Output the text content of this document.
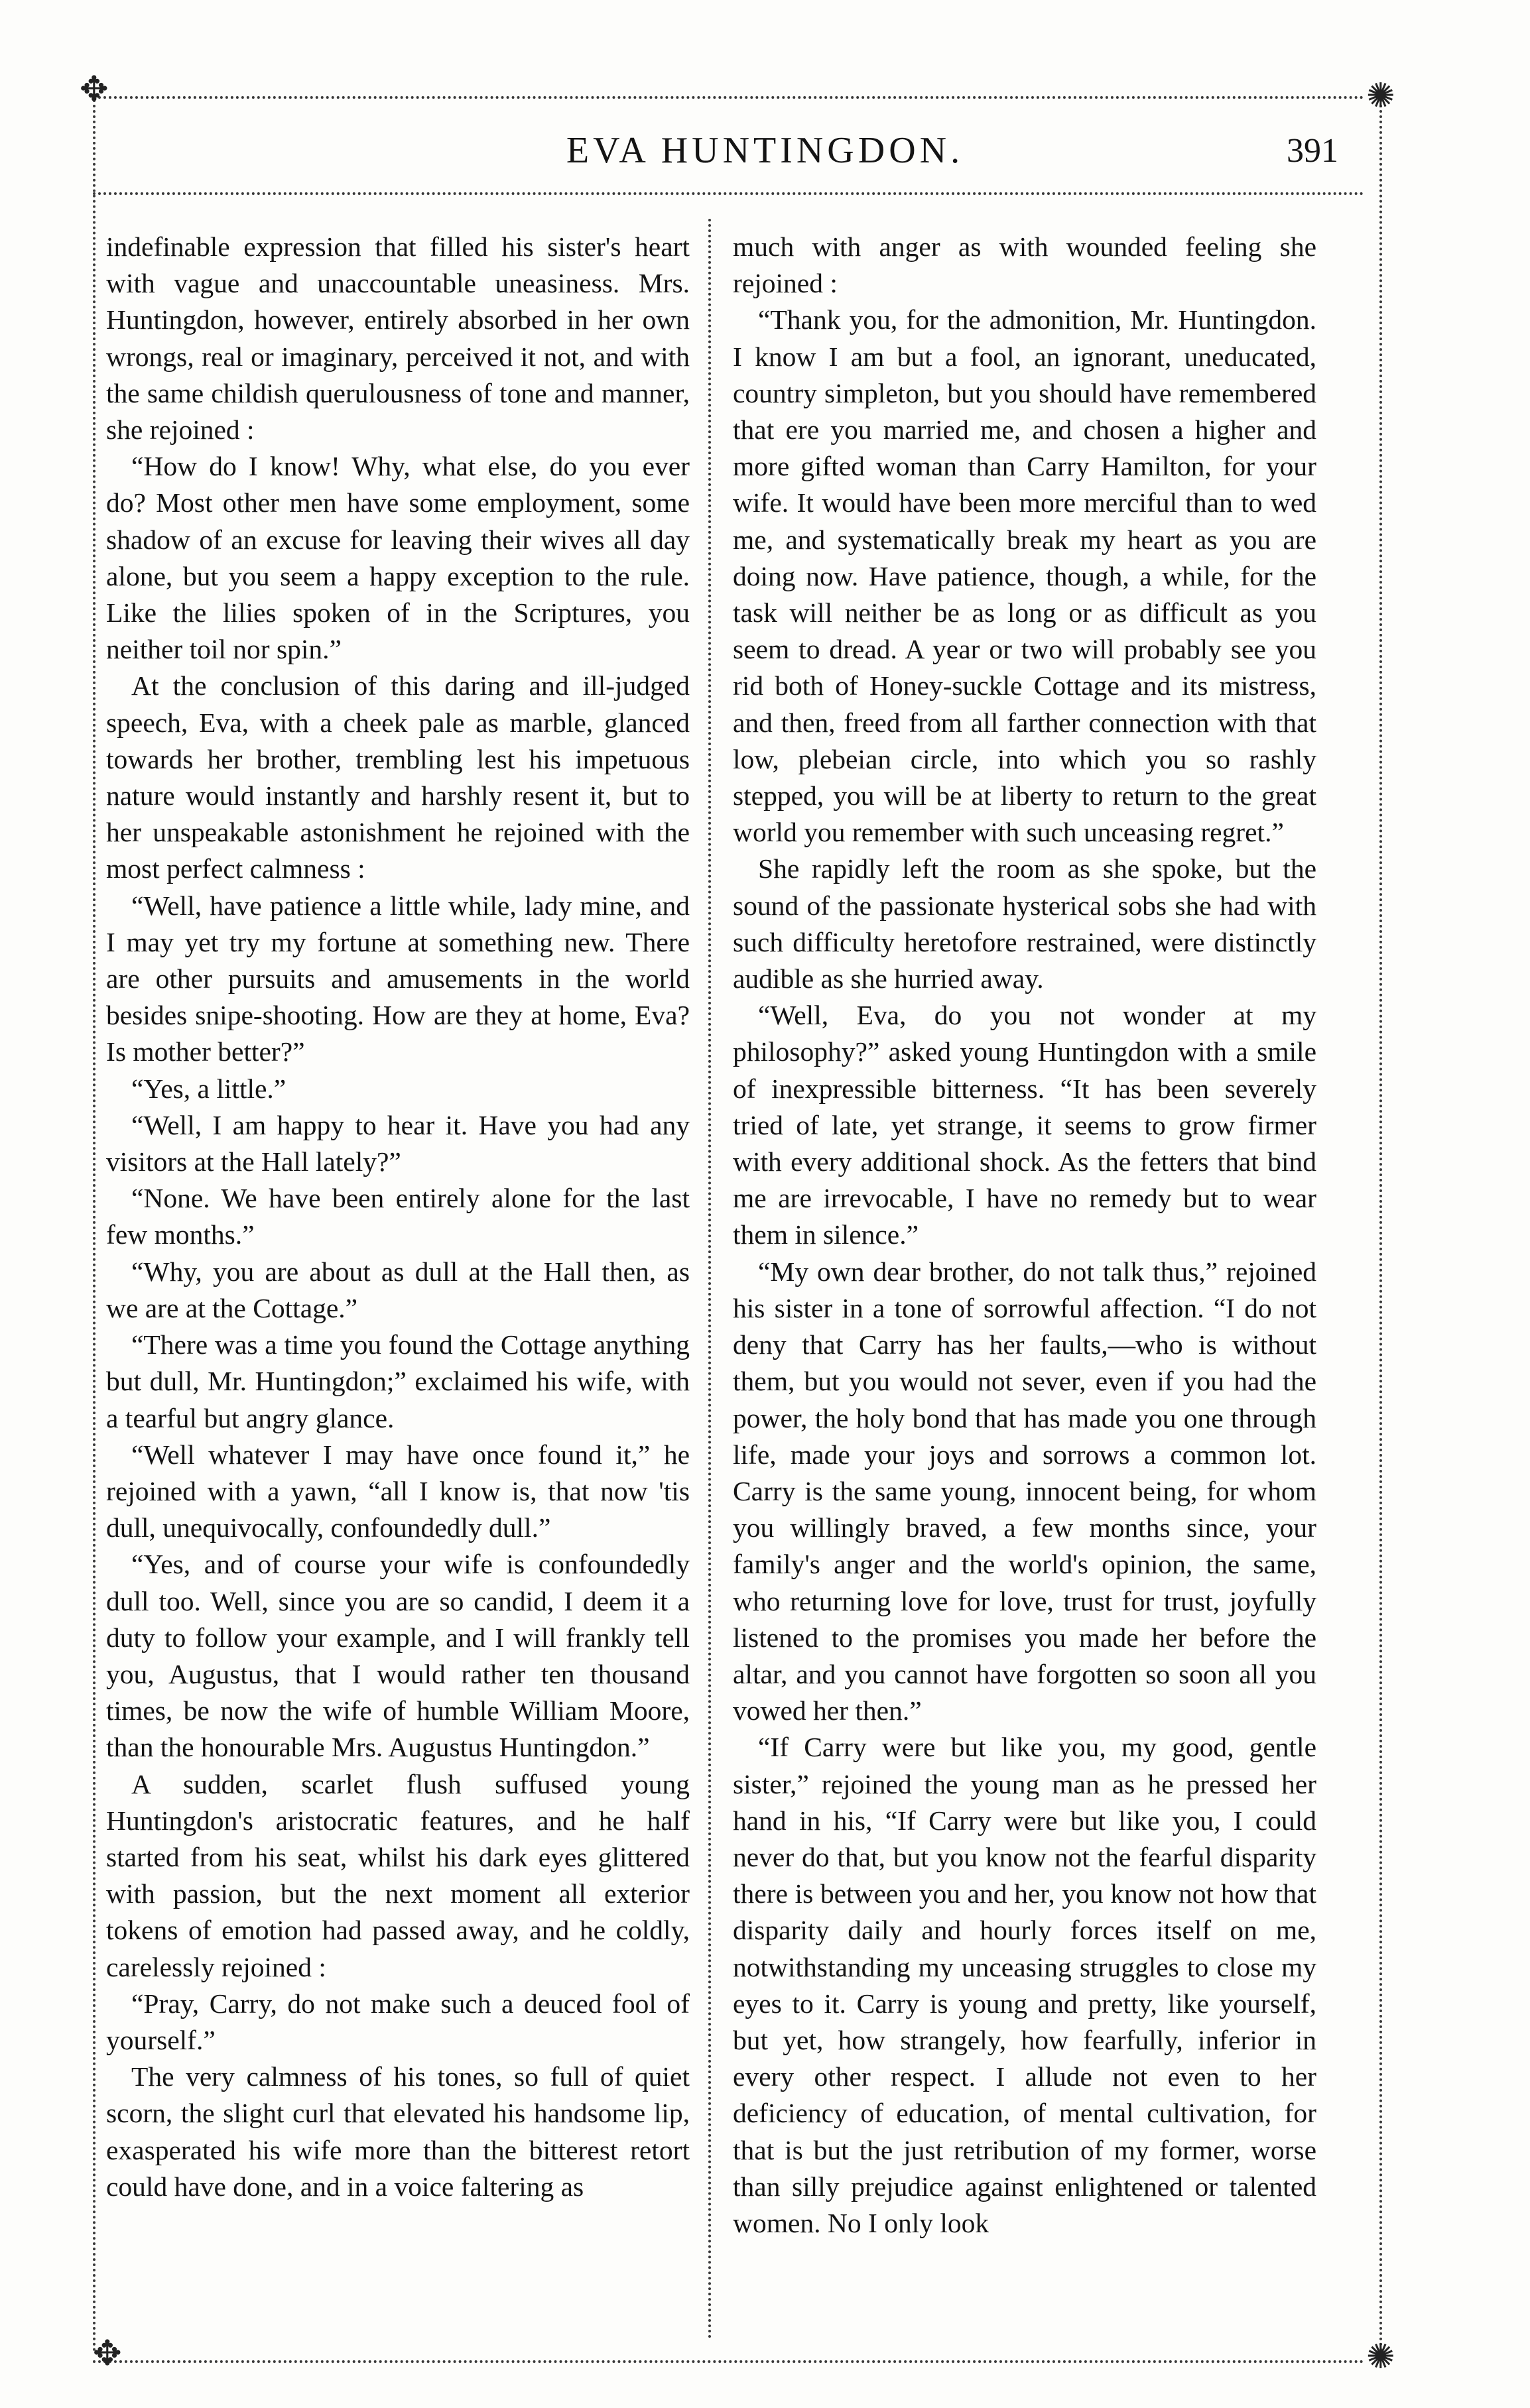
✥	✺
✺
✥
EVA HUNTINGDON.	391

indefinable expression that filled his sister's heart with vague and unaccountable uneasiness. Mrs. Huntingdon, however, entirely absorbed in her own wrongs, real or imaginary, perceived it not, and with the same childish querulousness of tone and manner, she rejoined :

“How do I know! Why, what else, do you ever do? Most other men have some employment, some shadow of an excuse for leaving their wives all day alone, but you seem a happy exception to the rule. Like the lilies spoken of in the Scriptures, you neither toil nor spin.”

At the conclusion of this daring and ill-judged speech, Eva, with a cheek pale as marble, glanced towards her brother, trembling lest his impetuous nature would instantly and harshly resent it, but to her unspeakable astonishment he rejoined with the most perfect calmness :

“Well, have patience a little while, lady mine, and I may yet try my fortune at something new. There are other pursuits and amusements in the world besides snipe-shooting. How are they at home, Eva? Is mother better?”

“Yes, a little.”

“Well, I am happy to hear it. Have you had any visitors at the Hall lately?”

“None. We have been entirely alone for the last few months.”

“Why, you are about as dull at the Hall then, as we are at the Cottage.”

“There was a time you found the Cottage anything but dull, Mr. Huntingdon;” exclaimed his wife, with a tearful but angry glance.

“Well whatever I may have once found it,” he rejoined with a yawn, “all I know is, that now 'tis dull, unequivocally, confoundedly dull.”

“Yes, and of course your wife is confoundedly dull too. Well, since you are so candid, I deem it a duty to follow your example, and I will frankly tell you, Augustus, that I would rather ten thousand times, be now the wife of humble William Moore, than the honourable Mrs. Augustus Huntingdon.”

A sudden, scarlet flush suffused young Huntingdon's aristocratic features, and he half started from his seat, whilst his dark eyes glittered with passion, but the next moment all exterior tokens of emotion had passed away, and he coldly, carelessly rejoined :

“Pray, Carry, do not make such a deuced fool of yourself.”

The very calmness of his tones, so full of quiet scorn, the slight curl that elevated his handsome lip, exasperated his wife more than the bitterest retort could have done, and in a voice faltering as

much with anger as with wounded feeling she rejoined :

“Thank you, for the admonition, Mr. Huntingdon. I know I am but a fool, an ignorant, uneducated, country simpleton, but you should have remembered that ere you married me, and chosen a higher and more gifted woman than Carry Hamilton, for your wife. It would have been more merciful than to wed me, and systematically break my heart as you are doing now. Have patience, though, a while, for the task will neither be as long or as difficult as you seem to dread. A year or two will probably see you rid both of Honey-suckle Cottage and its mistress, and then, freed from all farther connection with that low, plebeian circle, into which you so rashly stepped, you will be at liberty to return to the great world you remember with such unceasing regret.”

She rapidly left the room as she spoke, but the sound of the passionate hysterical sobs she had with such difficulty heretofore restrained, were distinctly audible as she hurried away.

“Well, Eva, do you not wonder at my philosophy?” asked young Huntingdon with a smile of inexpressible bitterness. “It has been severely tried of late, yet strange, it seems to grow firmer with every additional shock. As the fetters that bind me are irrevocable, I have no remedy but to wear them in silence.”

“My own dear brother, do not talk thus,” rejoined his sister in a tone of sorrowful affection. “I do not deny that Carry has her faults,—who is without them, but you would not sever, even if you had the power, the holy bond that has made you one through life, made your joys and sorrows a common lot. Carry is the same young, innocent being, for whom you willingly braved, a few months since, your family's anger and the world's opinion, the same, who returning love for love, trust for trust, joyfully listened to the promises you made her before the altar, and you cannot have forgotten so soon all you vowed her then.”

“If Carry were but like you, my good, gentle sister,” rejoined the young man as he pressed her hand in his, “If Carry were but like you, I could never do that, but you know not the fearful disparity there is between you and her, you know not how that disparity daily and hourly forces itself on me, notwithstanding my unceasing struggles to close my eyes to it. Carry is young and pretty, like yourself, but yet, how strangely, how fearfully, inferior in every other respect. I allude not even to her deficiency of education, of mental cultivation, for that is but the just retribution of my former, worse than silly prejudice against enlightened or talented women. No I only look
